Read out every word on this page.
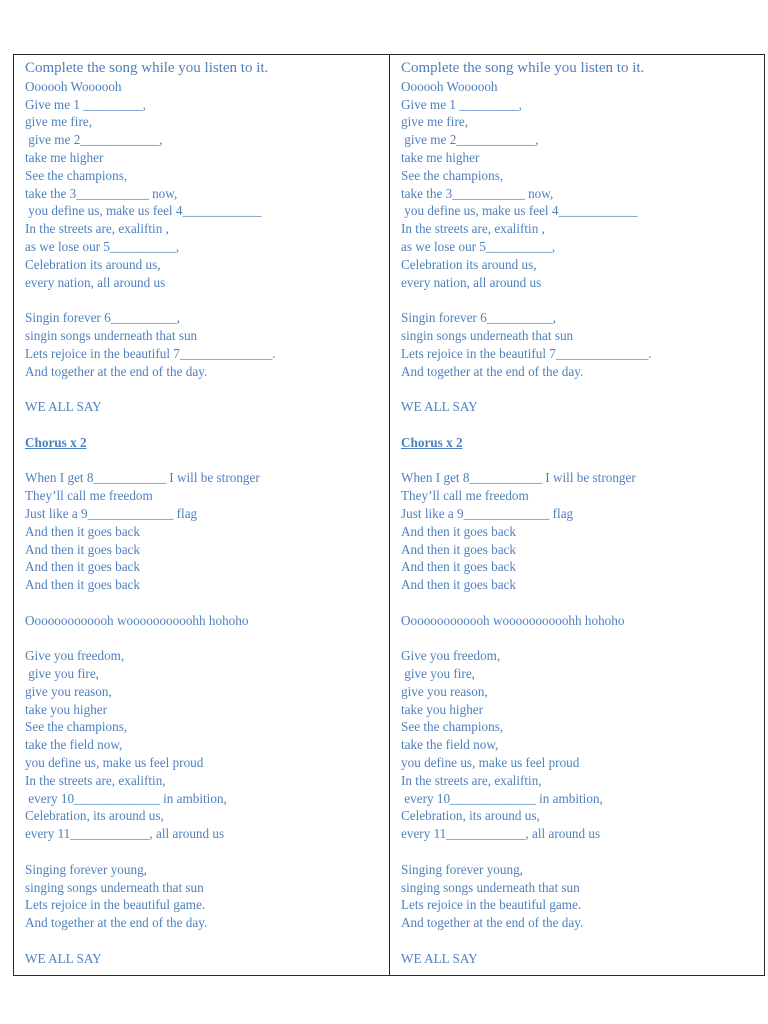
Complete the song while you listen to it.
Oooooh Woooooh
Give me 1 _________,
give me fire,
give me 2____________,
take me higher
See the champions,
take the 3___________ now,
you define us, make us feel 4____________
In the streets are, exaliftin ,
as we lose our 5__________,
Celebration its around us,
every nation, all around us
Singin forever 6__________,
singin songs underneath that sun
Lets rejoice in the beautiful 7______________.
And together at the end of the day.
WE ALL SAY
Chorus x 2
When I get 8___________ I will be stronger
They’ll call me freedom
Just like a 9_____________ flag
And then it goes back
And then it goes back
And then it goes back
And then it goes back
Ooooooooooooh woooooooooohh hohoho
Give you freedom,
give you fire,
give you reason,
take you higher
See the champions,
take the field now,
you define us, make us feel proud
In the streets are, exaliftin,
every 10_____________ in ambition,
Celebration, its around us,
every 11____________, all around us
Singing forever young,
singing songs underneath that sun
Lets rejoice in the beautiful game.
And together at the end of the day.
WE ALL SAY
Complete the song while you listen to it.
Oooooh Woooooh
Give me 1 _________,
give me fire,
give me 2____________,
take me higher
See the champions,
take the 3___________ now,
you define us, make us feel 4____________
In the streets are, exaliftin ,
as we lose our 5__________,
Celebration its around us,
every nation, all around us
Singin forever 6__________,
singin songs underneath that sun
Lets rejoice in the beautiful 7______________.
And together at the end of the day.
WE ALL SAY
Chorus x 2
When I get 8___________ I will be stronger
They’ll call me freedom
Just like a 9_____________ flag
And then it goes back
And then it goes back
And then it goes back
And then it goes back
Ooooooooooooh woooooooooohh hohoho
Give you freedom,
give you fire,
give you reason,
take you higher
See the champions,
take the field now,
you define us, make us feel proud
In the streets are, exaliftin,
every 10_____________ in ambition,
Celebration, its around us,
every 11____________, all around us
Singing forever young,
singing songs underneath that sun
Lets rejoice in the beautiful game.
And together at the end of the day.
WE ALL SAY
